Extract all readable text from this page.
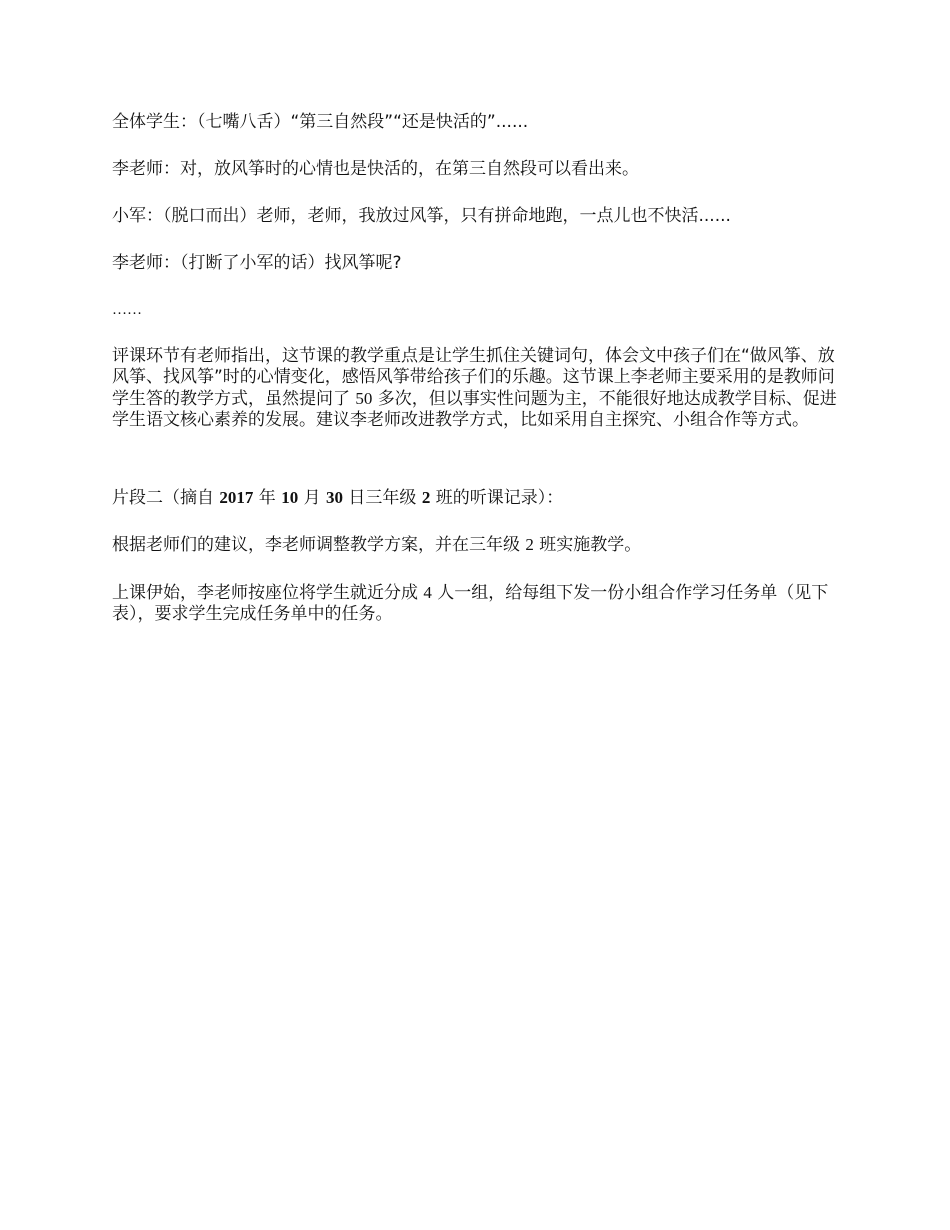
全体学生：（七嘴八舌）“第三自然段”“还是快活的”......

李老师：对，放风筝时的心情也是快活的，在第三自然段可以看出来。

小军：（脱口而出）老师，老师，我放过风筝，只有拼命地跑，一点儿也不快活......

李老师：（打断了小军的话）找风筝呢?

……

评课环节有老师指出，这节课的教学重点是让学生抓住关键词句，体会文中孩子们在“做风筝、放风筝、找风筝”时的心情变化，感悟风筝带给孩子们的乐趣。这节课上李老师主要采用的是教师问学生答的教学方式，虽然提问了 50 多次，但以事实性问题为主，不能很好地达成教学目标、促进学生语文核心素养的发展。建议李老师改进教学方式，比如采用自主探究、小组合作等方式。

片段二（摘自 2017 年 10 月 30 日三年级 2 班的听课记录）：

根据老师们的建议，李老师调整教学方案，并在三年级 2 班实施教学。

上课伊始，李老师按座位将学生就近分成 4 人一组，给每组下发一份小组合作学习任务单（见下表），要求学生完成任务单中的任务。
